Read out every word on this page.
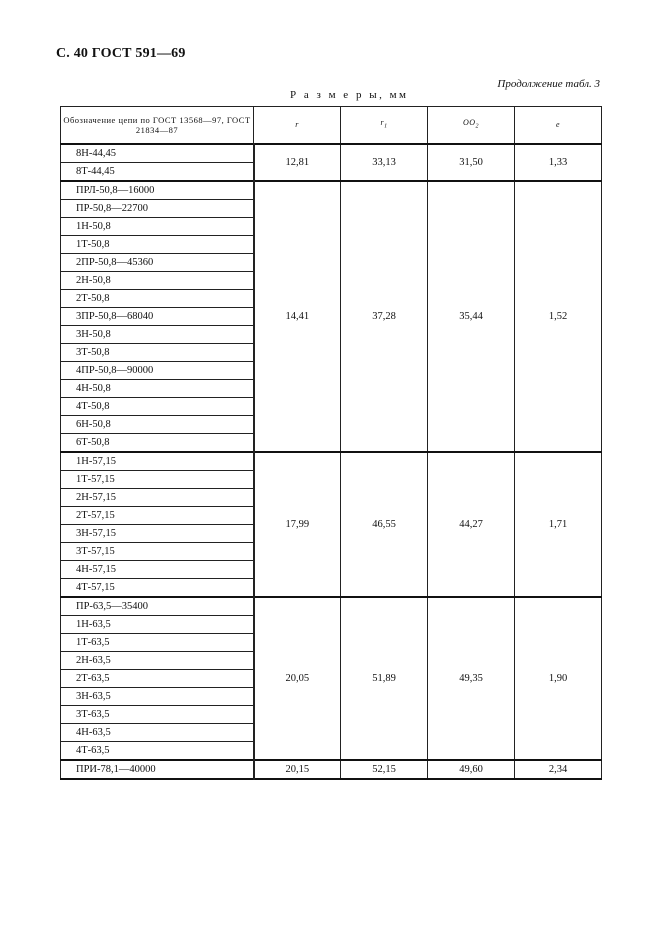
С. 40 ГОСТ 591—69
Продолжение табл. 3
Р а з м е р ы, мм
Обозначение цепи по ГОСТ 13568—97, ГОСТ 21834—87	r	$r_1$	$OO_2$	e
8Н-44,45	12,81	33,13	31,50	1,33
8Т-44,45				
ПРЛ-50,8—16000	14,41	37,28	35,44	1,52
ПР-50,8—22700				
1Н-50,8				
1Т-50,8				
2ПР-50,8—45360				
2Н-50,8				
2Т-50,8				
3ПР-50,8—68040				
3Н-50,8				
3Т-50,8				
4ПР-50,8—90000				
4Н-50,8				
4Т-50,8				
6Н-50,8				
6Т-50,8				
1Н-57,15	17,99	46,55	44,27	1,71
1Т-57,15				
2Н-57,15				
2Т-57,15				
3Н-57,15				
3Т-57,15				
4Н-57,15				
4Т-57,15				
ПР-63,5—35400	20,05	51,89	49,35	1,90
1Н-63,5				
1Т-63,5				
2Н-63,5				
2Т-63,5				
3Н-63,5				
3Т-63,5				
4Н-63,5				
4Т-63,5				
ПРИ-78,1—40000	20,15	52,15	49,60	2,34
